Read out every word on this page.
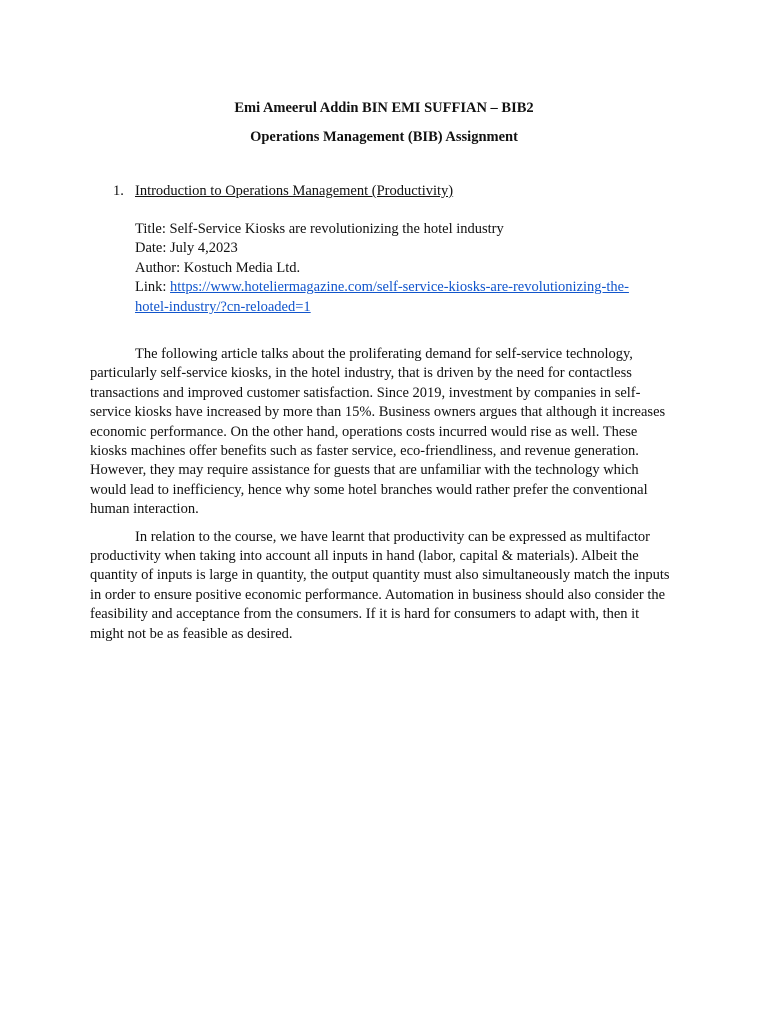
Emi Ameerul Addin BIN EMI SUFFIAN – BIB2
Operations Management (BIB) Assignment
1. Introduction to Operations Management (Productivity)
Title: Self-Service Kiosks are revolutionizing the hotel industry
Date: July 4,2023
Author: Kostuch Media Ltd.
Link: https://www.hoteliermagazine.com/self-service-kiosks-are-revolutionizing-the-
hotel-industry/?cn-reloaded=1

The following article talks about the proliferating demand for self-service technology, particularly self-service kiosks, in the hotel industry, that is driven by the need for contactless transactions and improved customer satisfaction. Since 2019, investment by companies in self-service kiosks have increased by more than 15%. Business owners argues that although it increases economic performance. On the other hand, operations costs incurred would rise as well. These kiosks machines offer benefits such as faster service, eco-friendliness, and revenue generation. However, they may require assistance for guests that are unfamiliar with the technology which would lead to inefficiency, hence why some hotel branches would rather prefer the conventional human interaction.

In relation to the course, we have learnt that productivity can be expressed as multifactor productivity when taking into account all inputs in hand (labor, capital & materials). Albeit the quantity of inputs is large in quantity, the output quantity must also simultaneously match the inputs in order to ensure positive economic performance. Automation in business should also consider the feasibility and acceptance from the consumers. If it is hard for consumers to adapt with, then it might not be as feasible as desired.
